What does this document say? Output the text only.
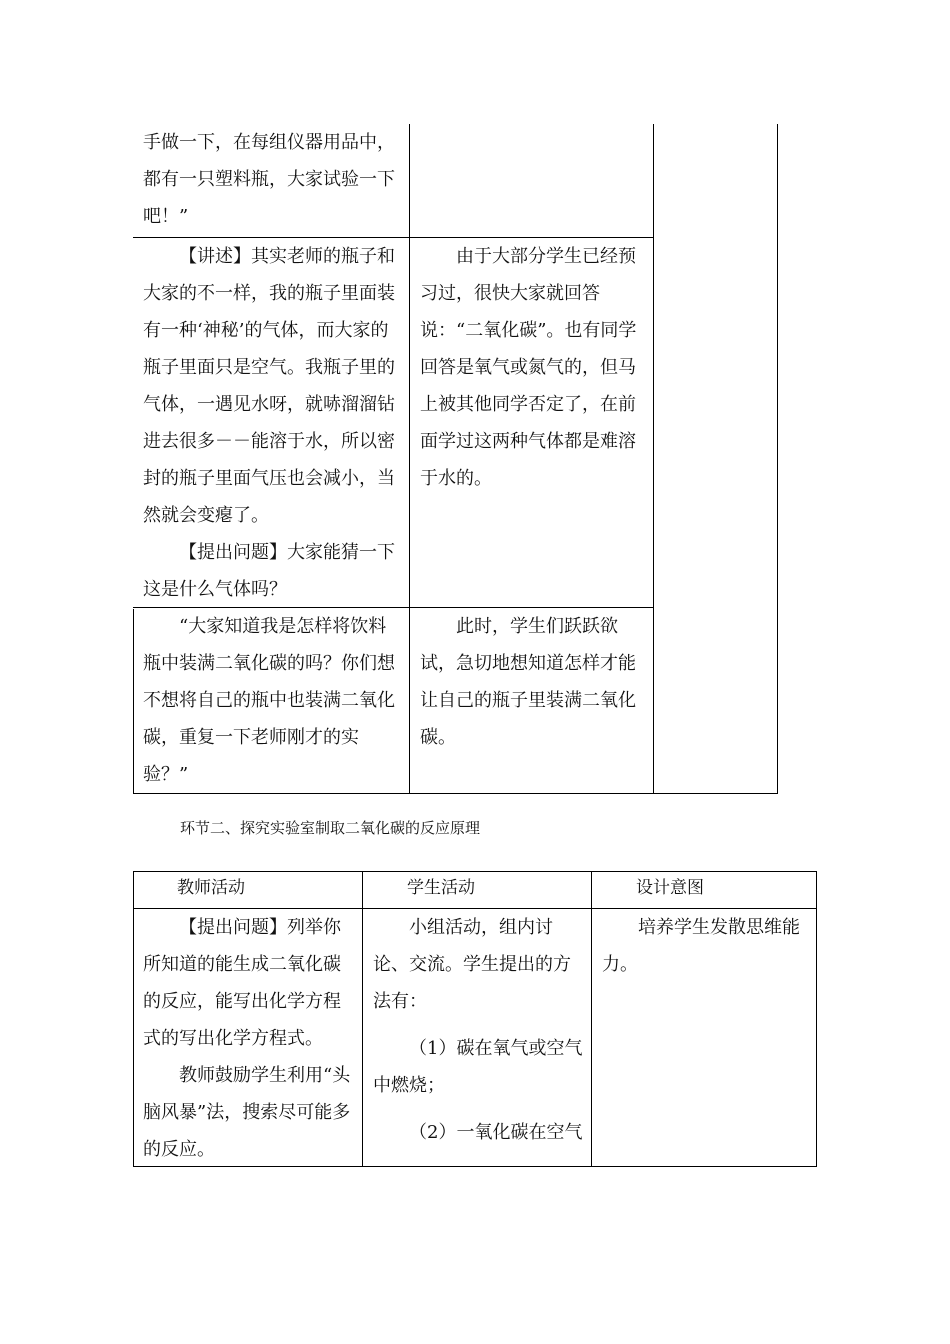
手做一下，在每组仪器用品中，都有一只塑料瓶，大家试验一下吧！”

【讲述】其实老师的瓶子和大家的不一样，我的瓶子里面装有一种‘神秘’的气体，而大家的瓶子里面只是空气。我瓶子里的气体，一遇见水呀，就哧溜溜钻进去很多－－能溶于水，所以密封的瓶子里面气压也会减小，当然就会变瘪了。

【提出问题】大家能猜一下这是什么气体吗？

由于大部分学生已经预习过，很快大家就回答说：“二氧化碳”。也有同学回答是氧气或氮气的，但马上被其他同学否定了，在前面学过这两种气体都是难溶于水的。

“大家知道我是怎样将饮料瓶中装满二氧化碳的吗？你们想不想将自己的瓶中也装满二氧化碳，重复一下老师刚才的实验？”

此时，学生们跃跃欲试，急切地想知道怎样才能让自己的瓶子里装满二氧化碳。

环节二、探究实验室制取二氧化碳的反应原理
教师活动	学生活动	设计意图

【提出问题】列举你所知道的能生成二氧化碳的反应，能写出化学方程式的写出化学方程式。

教师鼓励学生利用“头脑风暴”法，搜索尽可能多的反应。

小组活动，组内讨论、交流。学生提出的方法有：

（1）碳在氧气或空气中燃烧；

（2）一氧化碳在空气

培养学生发散思维能力。
